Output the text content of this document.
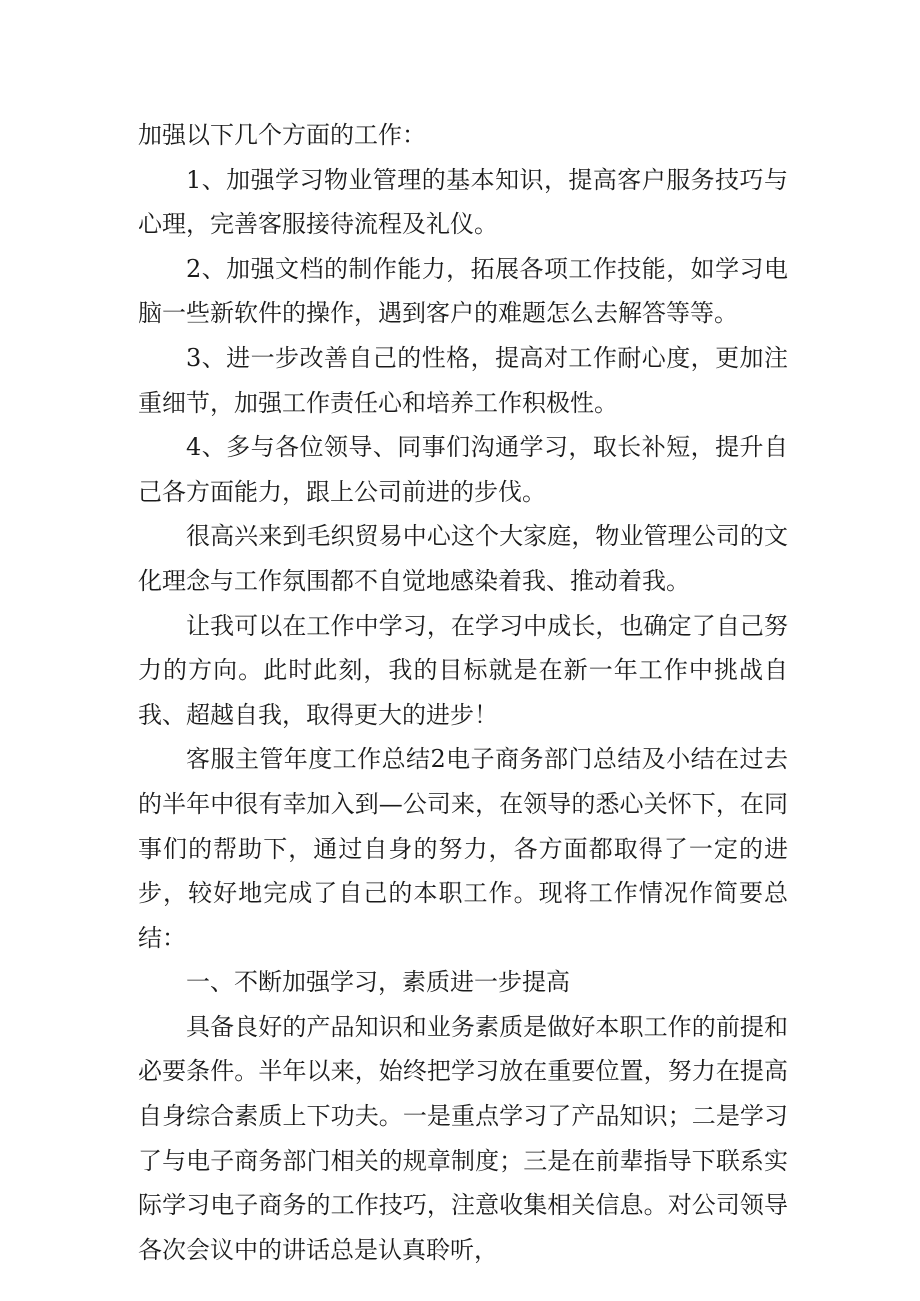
加强以下几个方面的工作：

1、加强学习物业管理的基本知识，提高客户服务技巧与心理，完善客服接待流程及礼仪。

2、加强文档的制作能力，拓展各项工作技能，如学习电脑一些新软件的操作，遇到客户的难题怎么去解答等等。

3、进一步改善自己的性格，提高对工作耐心度，更加注重细节，加强工作责任心和培养工作积极性。

4、多与各位领导、同事们沟通学习，取长补短，提升自己各方面能力，跟上公司前进的步伐。

很高兴来到毛织贸易中心这个大家庭，物业管理公司的文化理念与工作氛围都不自觉地感染着我、推动着我。

让我可以在工作中学习，在学习中成长，也确定了自己努力的方向。此时此刻，我的目标就是在新一年工作中挑战自我、超越自我，取得更大的进步！

客服主管年度工作总结2电子商务部门总结及小结在过去的半年中很有幸加入到—公司来，在领导的悉心关怀下，在同事们的帮助下，通过自身的努力，各方面都取得了一定的进步，较好地完成了自己的本职工作。现将工作情况作简要总结：

一、不断加强学习，素质进一步提高

具备良好的产品知识和业务素质是做好本职工作的前提和必要条件。半年以来，始终把学习放在重要位置，努力在提高自身综合素质上下功夫。一是重点学习了产品知识；二是学习了与电子商务部门相关的规章制度；三是在前辈指导下联系实际学习电子商务的工作技巧，注意收集相关信息。对公司领导各次会议中的讲话总是认真聆听，
